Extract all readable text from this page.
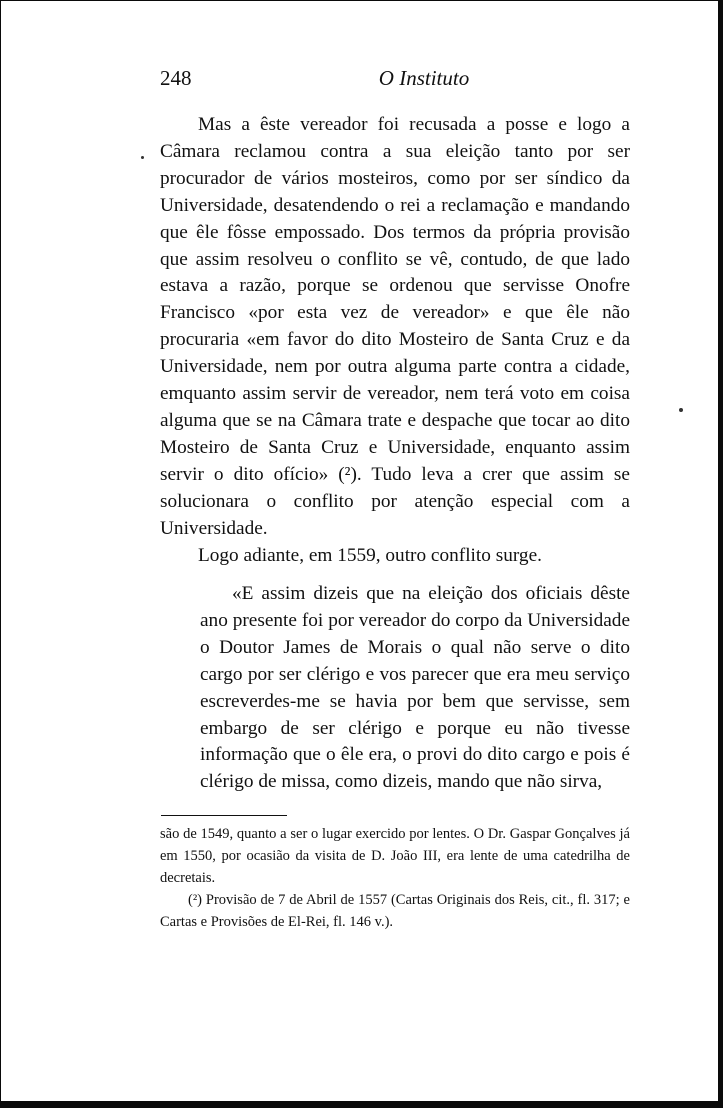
248	O Instituto

Mas a êste vereador foi recusada a posse e logo a Câmara reclamou contra a sua eleição tanto por ser procurador de vários mosteiros, como por ser síndico da Universidade, desatendendo o rei a reclamação e mandando que êle fôsse empossado. Dos termos da própria provisão que assim resolveu o conflito se vê, contudo, de que lado estava a razão, porque se ordenou que servisse Onofre Francisco «por esta vez de vereador» e que êle não procuraria «em favor do dito Mosteiro de Santa Cruz e da Universidade, nem por outra alguma parte contra a cidade, emquanto assim servir de vereador, nem terá voto em coisa alguma que se na Câmara trate e despache que tocar ao dito Mosteiro de Santa Cruz e Universidade, enquanto assim servir o dito ofício» (²). Tudo leva a crer que assim se solucionara o conflito por atenção especial com a Universidade.

Logo adiante, em 1559, outro conflito surge.

«E assim dizeis que na eleição dos oficiais dêste ano presente foi por vereador do corpo da Universidade o Doutor James de Morais o qual não serve o dito cargo por ser clérigo e vos parecer que era meu serviço escreverdes-me se havia por bem que servisse, sem embargo de ser clérigo e porque eu não tivesse informação que o êle era, o provi do dito cargo e pois é clérigo de missa, como dizeis, mando que não sirva,

são de 1549, quanto a ser o lugar exercido por lentes. O Dr. Gaspar Gonçalves já em 1550, por ocasião da visita de D. João III, era lente de uma catedrilha de decretais.

(²) Provisão de 7 de Abril de 1557 (Cartas Originais dos Reis, cit., fl. 317; e Cartas e Provisões de El-Rei, fl. 146 v.).
